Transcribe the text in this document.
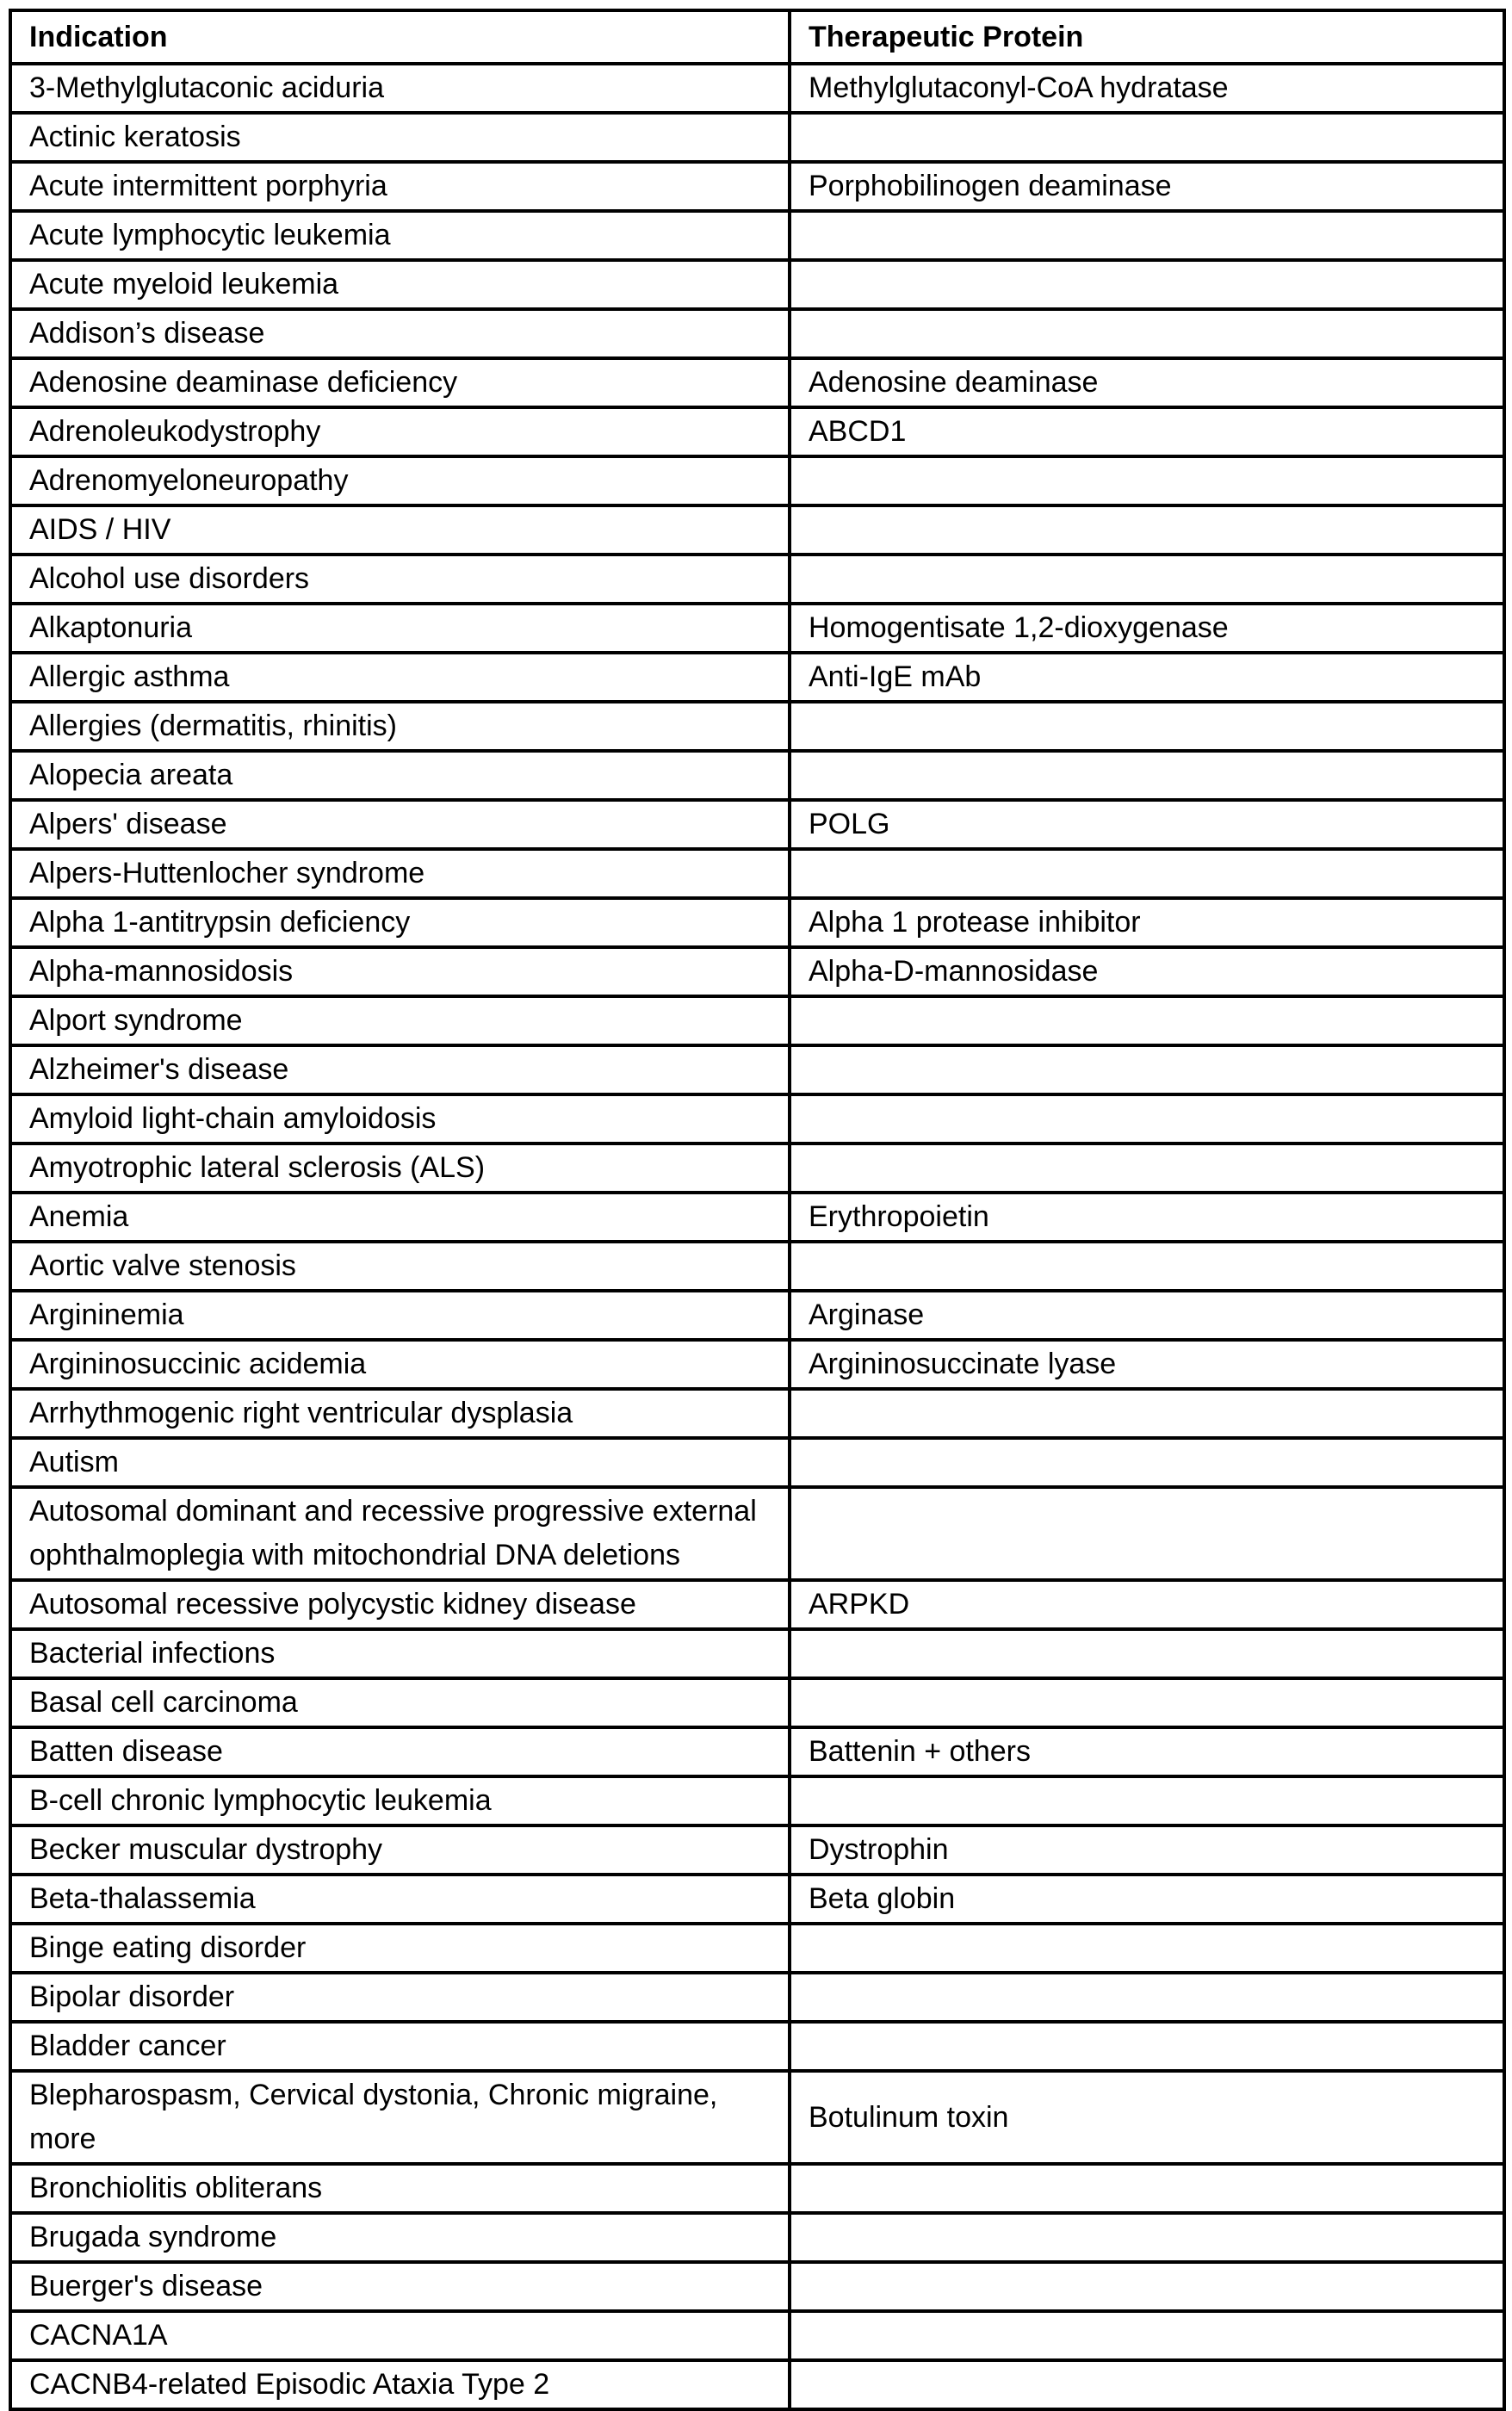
Indication	Therapeutic Protein
3-Methylglutaconic aciduria	Methylglutaconyl-CoA hydratase
Actinic keratosis	
Acute intermittent porphyria	Porphobilinogen deaminase
Acute lymphocytic leukemia	
Acute myeloid leukemia	
Addison’s disease	
Adenosine deaminase deficiency	Adenosine deaminase
Adrenoleukodystrophy	ABCD1
Adrenomyeloneuropathy	
AIDS / HIV	
Alcohol use disorders	
Alkaptonuria	Homogentisate 1,2-dioxygenase
Allergic asthma	Anti-IgE mAb
Allergies (dermatitis, rhinitis)	
Alopecia areata	
Alpers' disease	POLG
Alpers-Huttenlocher syndrome	
Alpha 1-antitrypsin deficiency	Alpha 1 protease inhibitor
Alpha-mannosidosis	Alpha-D-mannosidase
Alport syndrome	
Alzheimer's disease	
Amyloid light-chain amyloidosis	
Amyotrophic lateral sclerosis (ALS)	
Anemia	Erythropoietin
Aortic valve stenosis	
Argininemia	Arginase
Argininosuccinic acidemia	Argininosuccinate lyase
Arrhythmogenic right ventricular dysplasia	
Autism	
Autosomal dominant and recessive progressive external ophthalmoplegia with mitochondrial DNA deletions	
Autosomal recessive polycystic kidney disease	ARPKD
Bacterial infections	
Basal cell carcinoma	
Batten disease	Battenin + others
B-cell chronic lymphocytic leukemia	
Becker muscular dystrophy	Dystrophin
Beta-thalassemia	Beta globin
Binge eating disorder	
Bipolar disorder	
Bladder cancer	
Blepharospasm, Cervical dystonia, Chronic migraine, more	Botulinum toxin
Bronchiolitis obliterans	
Brugada syndrome	
Buerger's disease	
CACNA1A	
CACNB4-related Episodic Ataxia Type 2	
